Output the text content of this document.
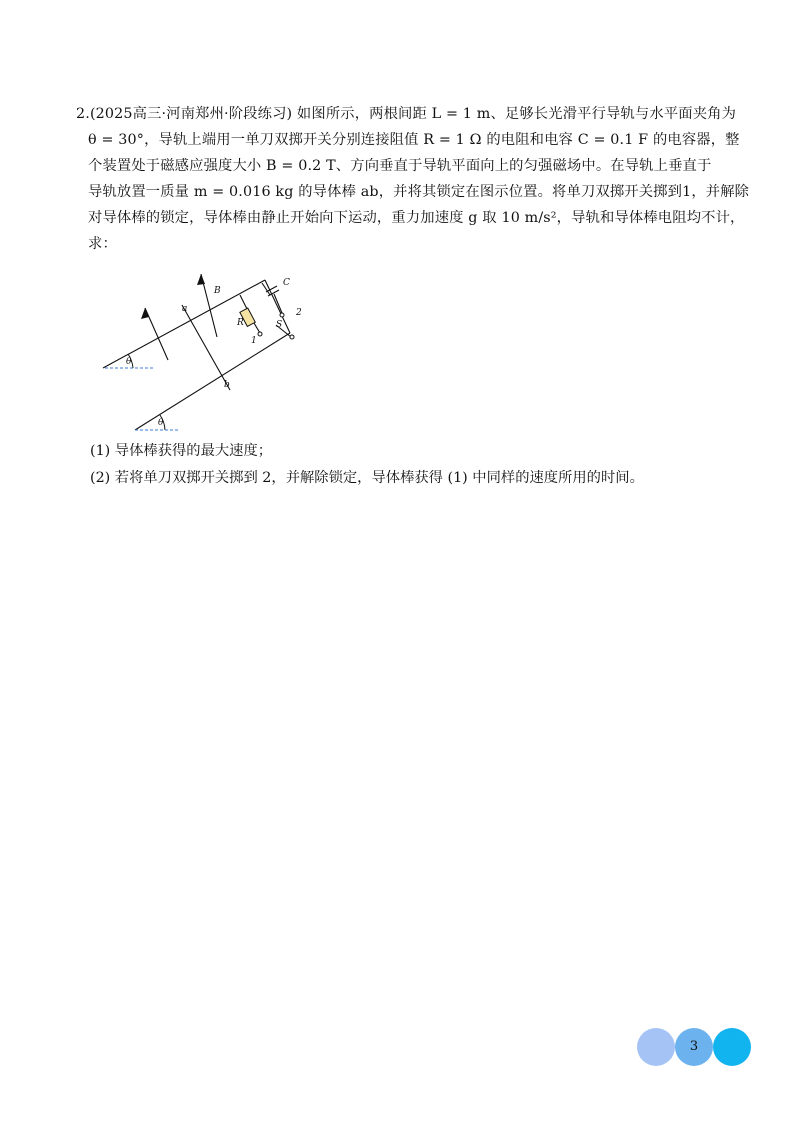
2.(2025高三·河南郑州·阶段练习) 如图所示，两根间距 L = 1 m、足够长光滑平行导轨与水平面夹角为
θ = 30°，导轨上端用一单刀双掷开关分别连接阻值 R = 1 Ω 的电阻和电容 C = 0.1 F 的电容器，整
个装置处于磁感应强度大小 B = 0.2 T、方向垂直于导轨平面向上的匀强磁场中。在导轨上垂直于
导轨放置一质量 m = 0.016 kg 的导体棒 ab，并将其锁定在图示位置。将单刀双掷开关掷到1，并解除
对导体棒的锁定，导体棒由静止开始向下运动，重力加速度 g 取 10 m/s²，导轨和导体棒电阻均不计，
求：
a
b
B
R
C
S
1
2
θ
θ
(1) 导体棒获得的最大速度；
(2) 若将单刀双掷开关掷到 2，并解除锁定，导体棒获得 (1) 中同样的速度所用的时间。
3
